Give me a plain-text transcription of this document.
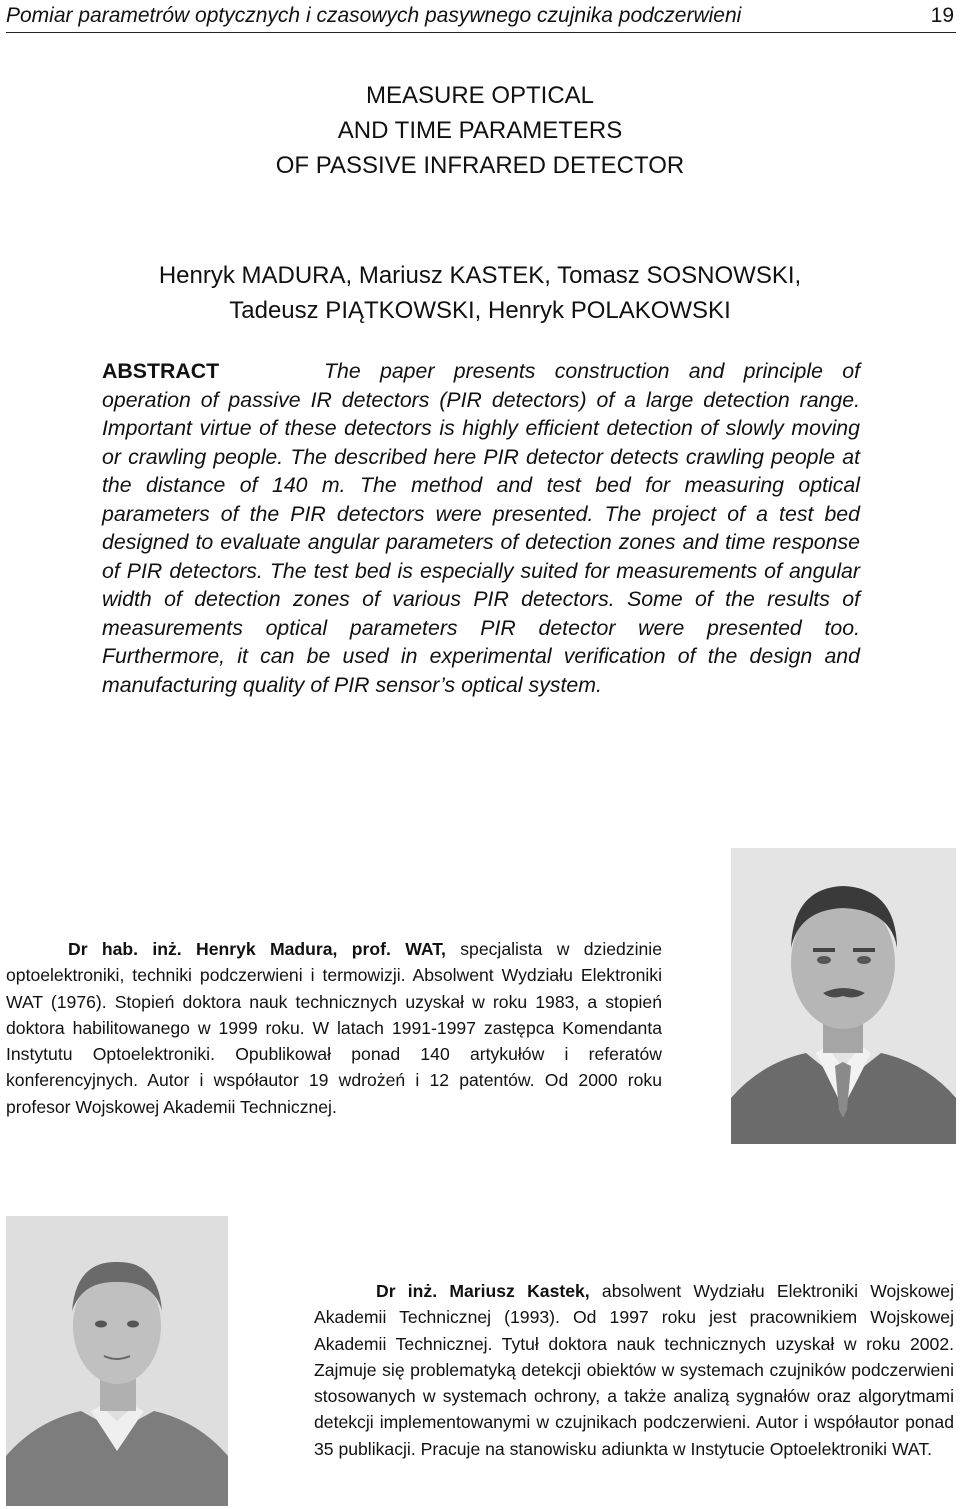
Pomiar parametrów optycznych i czasowych pasywnego czujnika podczerwieni	19
MEASURE OPTICAL
AND TIME PARAMETERS
OF PASSIVE INFRARED DETECTOR
Henryk MADURA, Mariusz KASTEK, Tomasz SOSNOWSKI,
Tadeusz PIĄTKOWSKI, Henryk POLAKOWSKI
ABSTRACT	The paper presents construction and principle of operation of passive IR detectors (PIR detectors) of a large detection range. Important virtue of these detectors is highly efficient detection of slowly moving or crawling people. The described here PIR detector detects crawling people at the distance of 140 m. The method and test bed for measuring optical parameters of the PIR detectors were presented. The project of a test bed designed to evaluate angular parameters of detection zones and time response of PIR detectors. The test bed is especially suited for measurements of angular width of detection zones of various PIR detectors. Some of the results of measurements optical parameters PIR detector were presented too. Furthermore, it can be used in experimental verification of the design and manufacturing quality of PIR sensor’s optical system.
Dr hab. inż. Henryk Madura, prof. WAT, specjalista w dziedzinie optoelektroniki, techniki podczerwieni i termowizji. Absolwent Wydziału Elektroniki WAT (1976). Stopień doktora nauk technicznych uzyskał w roku 1983, a stopień doktora habilitowanego w 1999 roku. W latach 1991-1997 zastępca Komendanta Instytutu Optoelektroniki. Opublikował ponad 140 artykułów i referatów konferencyjnych. Autor i współautor 19 wdrożeń i 12 patentów. Od 2000 roku profesor Wojskowej Akademii Technicznej.
Dr inż. Mariusz Kastek, absolwent Wydziału Elektroniki Wojskowej Akademii Technicznej (1993). Od 1997 roku jest pracownikiem Wojskowej Akademii Technicznej. Tytuł doktora nauk technicznych uzyskał w roku 2002. Zajmuje się problematyką detekcji obiektów w systemach czujników podczerwieni stosowanych w systemach ochrony, a także analizą sygnałów oraz algorytmami detekcji implementowanymi w czujnikach podczerwieni. Autor i współautor ponad 35 publikacji. Pracuje na stanowisku adiunkta w Instytucie Optoelektroniki WAT.
